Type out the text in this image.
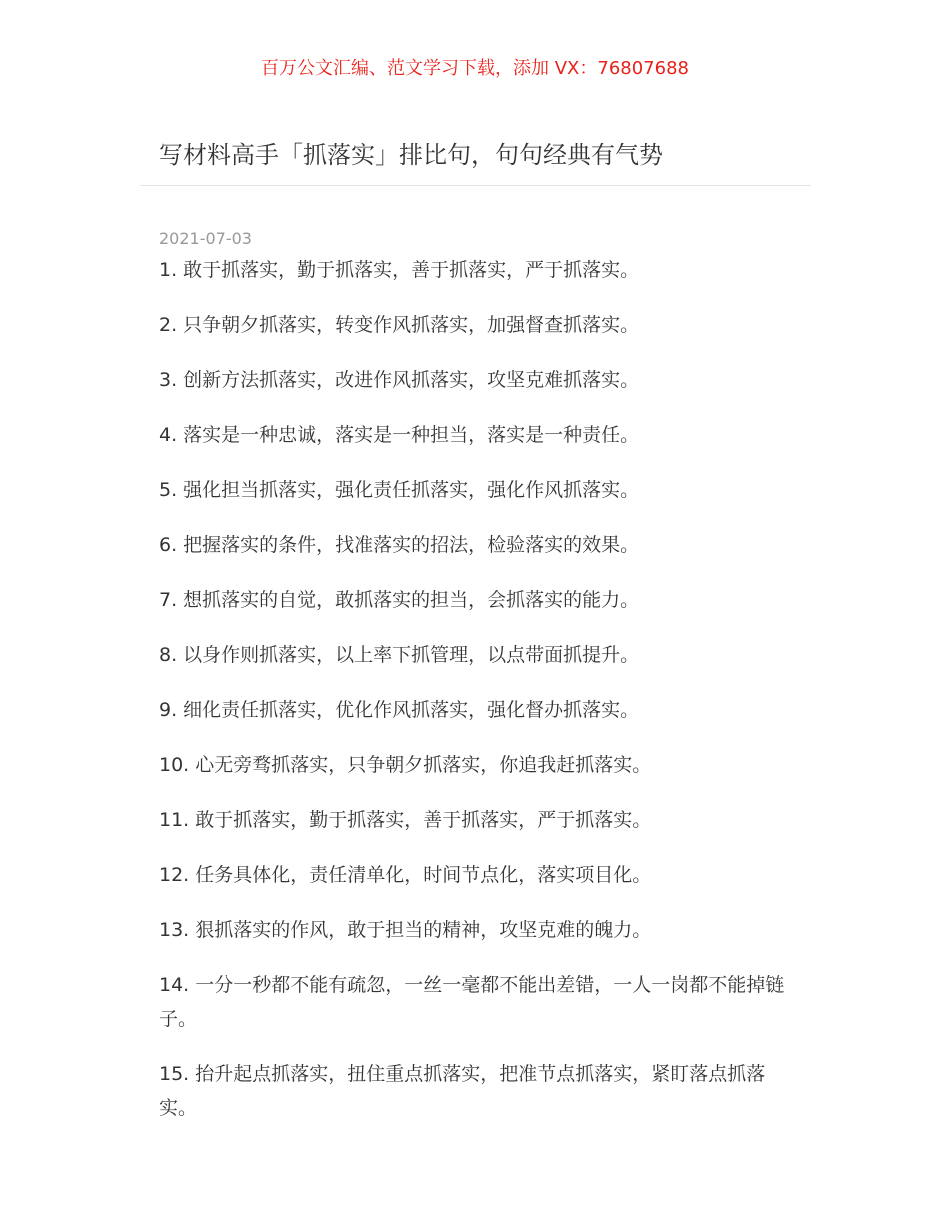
百万公文汇编、范文学习下载，添加 VX：76807688
写材料高手「抓落实」排比句，句句经典有气势
2021-07-03
1. 敢于抓落实，勤于抓落实，善于抓落实，严于抓落实。
2. 只争朝夕抓落实，转变作风抓落实，加强督查抓落实。
3. 创新方法抓落实，改进作风抓落实，攻坚克难抓落实。
4. 落实是一种忠诚，落实是一种担当，落实是一种责任。
5. 强化担当抓落实，强化责任抓落实，强化作风抓落实。
6. 把握落实的条件，找准落实的招法，检验落实的效果。
7. 想抓落实的自觉，敢抓落实的担当，会抓落实的能力。
8. 以身作则抓落实，以上率下抓管理，以点带面抓提升。
9. 细化责任抓落实，优化作风抓落实，强化督办抓落实。
10. 心无旁骛抓落实，只争朝夕抓落实，你追我赶抓落实。
11. 敢于抓落实，勤于抓落实，善于抓落实，严于抓落实。
12. 任务具体化，责任清单化，时间节点化，落实项目化。
13. 狠抓落实的作风，敢于担当的精神，攻坚克难的魄力。
14. 一分一秒都不能有疏忽，一丝一毫都不能出差错，一人一岗都不能掉链子。
15. 抬升起点抓落实，扭住重点抓落实，把准节点抓落实，紧盯落点抓落实。
